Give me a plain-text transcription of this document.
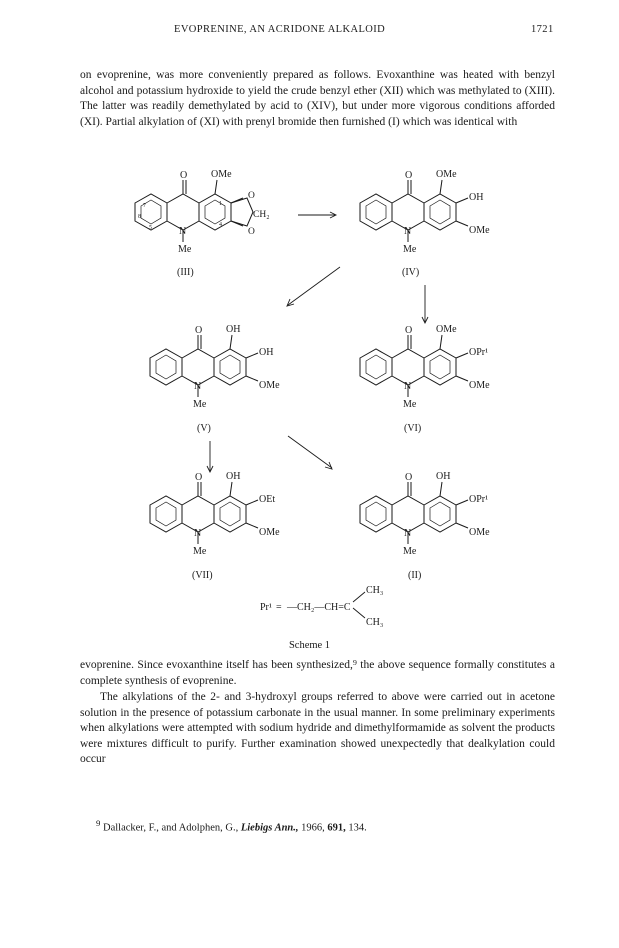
EVOPRENINE, AN ACRIDONE ALKALOID	1721

on evoprenine, was more conveniently prepared as follows. Evoxanthine was heated with benzyl alcohol and potassium hydroxide to yield the crude benzyl ether (XII) which was methylated to (XIII). The latter was readily demethylated by acid to (XIV), but under more vigorous conditions afforded (XI). Partial alkylation of (XI) with prenyl bromide then furnished (I) which was identical with

O OMe
O
CH₂
O
N
Me
7
8
5
1
4
(III)
O OMe
OH
OMe
N
Me
(IV)
O OH
OH
OMe
N
Me
(V)
O OMe
OPr¹
OMe
N
Me
(VI)
O OH
OEt
OMe
N
Me
(VII)
O OH
OPr¹
OMe
N
Me
(II)
Pr¹ = —CH₂—CH=C
CH₃
CH₃
Scheme 1

evoprenine. Since evoxanthine itself has been synthesized,⁹ the above sequence formally constitutes a complete synthesis of evoprenine.

The alkylations of the 2- and 3-hydroxyl groups referred to above were carried out in acetone solution in the presence of potassium carbonate in the usual manner. In some preliminary experiments when alkylations were attempted with sodium hydride and dimethylformamide as solvent the products were mixtures difficult to purify. Further examination showed unexpectedly that dealkylation could occur

$^9$ Dallacker, F., and Adolphen, G., Liebigs Ann., 1966, 691, 134.
